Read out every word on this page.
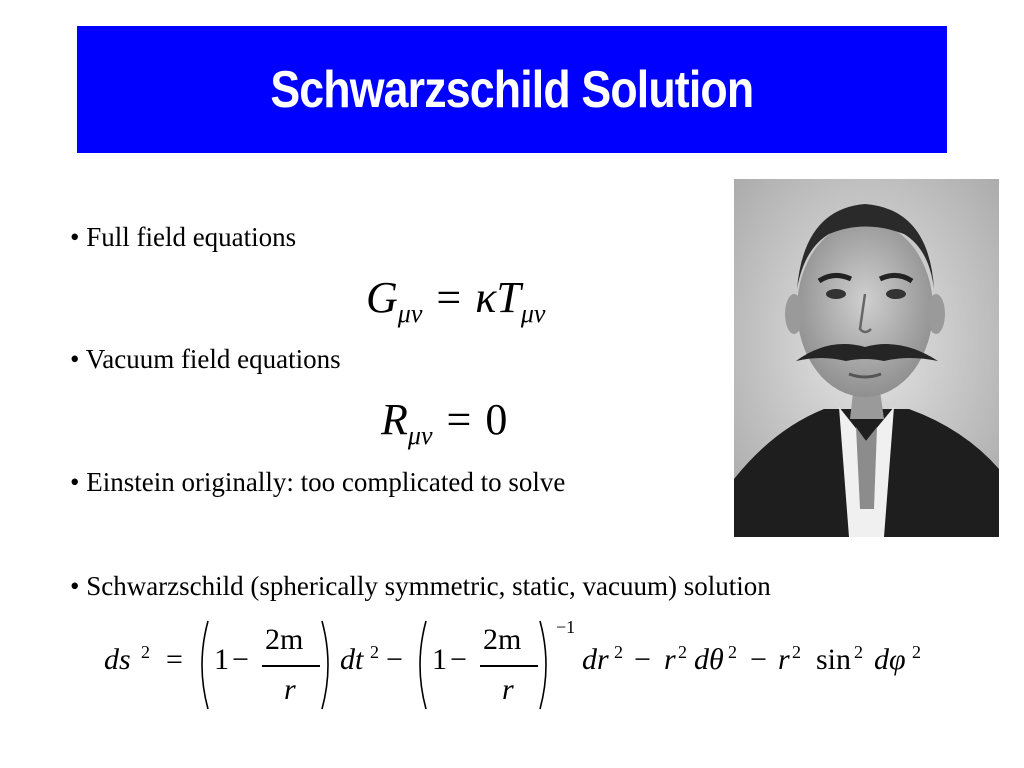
Schwarzschild Solution
• Full field equations
$G_{\mu\nu} = \kappa T_{\mu\nu}$
• Vacuum field equations
$R_{\mu\nu} = 0$
• Einstein originally: too complicated to solve
• Schwarzschild (spherically symmetric, static, vacuum) solution
ds 2 = 1 −
2m
r
dt 2 − 1 −
2m
r
−1
dr 2 − r 2 dθ 2 − r 2 sin 2 dφ 2
